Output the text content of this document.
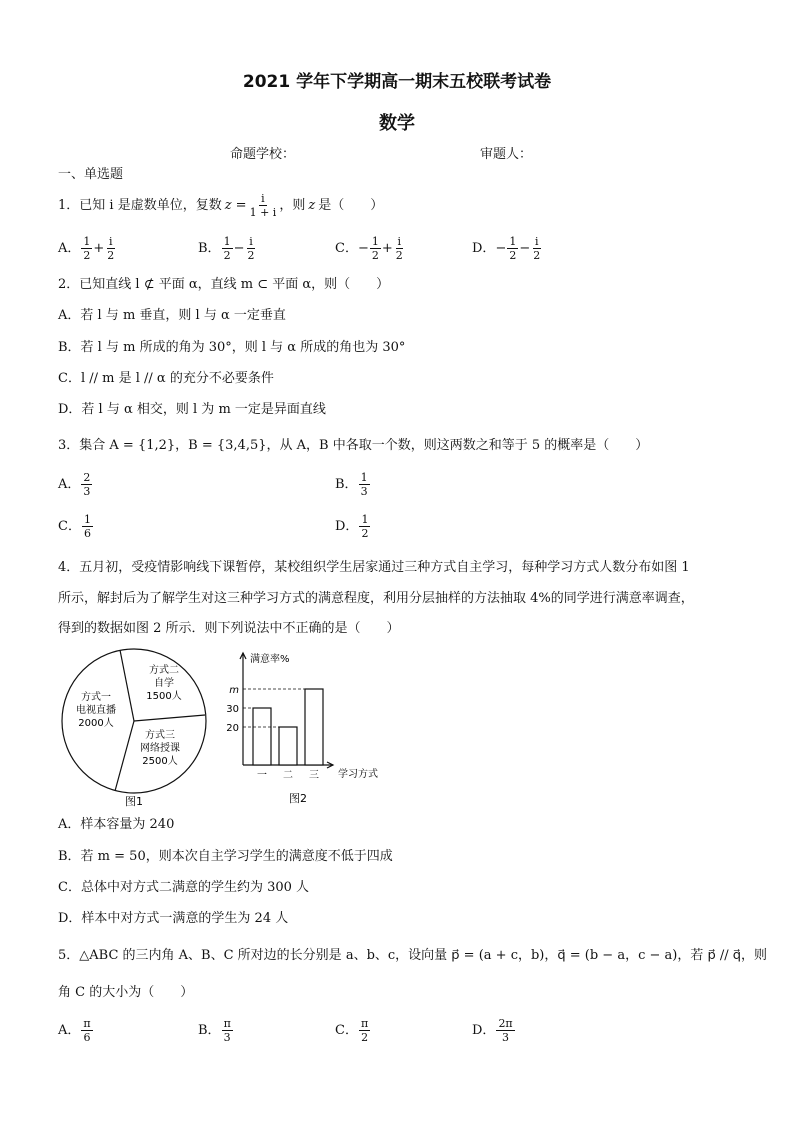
2021 学年下学期高一期末五校联考试卷
数学
命题学校：	审题人：
一、单选题
1．已知 i 是虚数单位，复数 $z = \frac{i}{1 + i}$ ，则 z 是（　　）
A． $\frac{1}{2} + \frac{i}{2}$	B． $\frac{1}{2} - \frac{i}{2}$	C． − $\frac{1}{2} + \frac{i}{2}$	D． − $\frac{1}{2} - \frac{i}{2}$
2．已知直线 l ⊄ 平面 α，直线 m ⊂ 平面 α，则（　　）
A．若 l 与 m 垂直，则 l 与 α 一定垂直
B．若 l 与 m 所成的角为 30°，则 l 与 α 所成的角也为 30°
C．l // m 是 l // α 的充分不必要条件
D．若 l 与 α 相交，则 l 为 m 一定是异面直线
3．集合 A = {1,2}，B = {3,4,5}，从 A，B 中各取一个数，则这两数之和等于 5 的概率是（　　）
A． $\frac{2}{3}$	B． $\frac{1}{3}$
C． $\frac{1}{6}$	D． $\frac{1}{2}$
4．五月初，受疫情影响线下课暂停，某校组织学生居家通过三种方式自主学习，每种学习方式人数分布如图 1
所示，解封后为了解学生对这三种学习方式的满意程度，利用分层抽样的方法抽取 4%的同学进行满意率调查，
得到的数据如图 2 所示．则下列说法中不正确的是（　　）
方式一
电视直播
2000人
方式二
自学
1500人
方式三
网络授课
2500人
图1
一 二 三
20
30
m
满意率%
学习方式
图2
A．样本容量为 240
B．若 m = 50，则本次自主学习学生的满意度不低于四成
C．总体中对方式二满意的学生约为 300 人
D．样本中对方式一满意的学生为 24 人
5．△ABC 的三内角 A、B、C 所对边的长分别是 a、b、c，设向量 p⃗ = (a + c，b)，q⃗ = (b − a，c − a)，若 p⃗ // q⃗，则
角 C 的大小为（　　）
A． $\frac{\pi}{6}$	B． $\frac{\pi}{3}$	C． $\frac{\pi}{2}$	D． $\frac{2\pi}{3}$
